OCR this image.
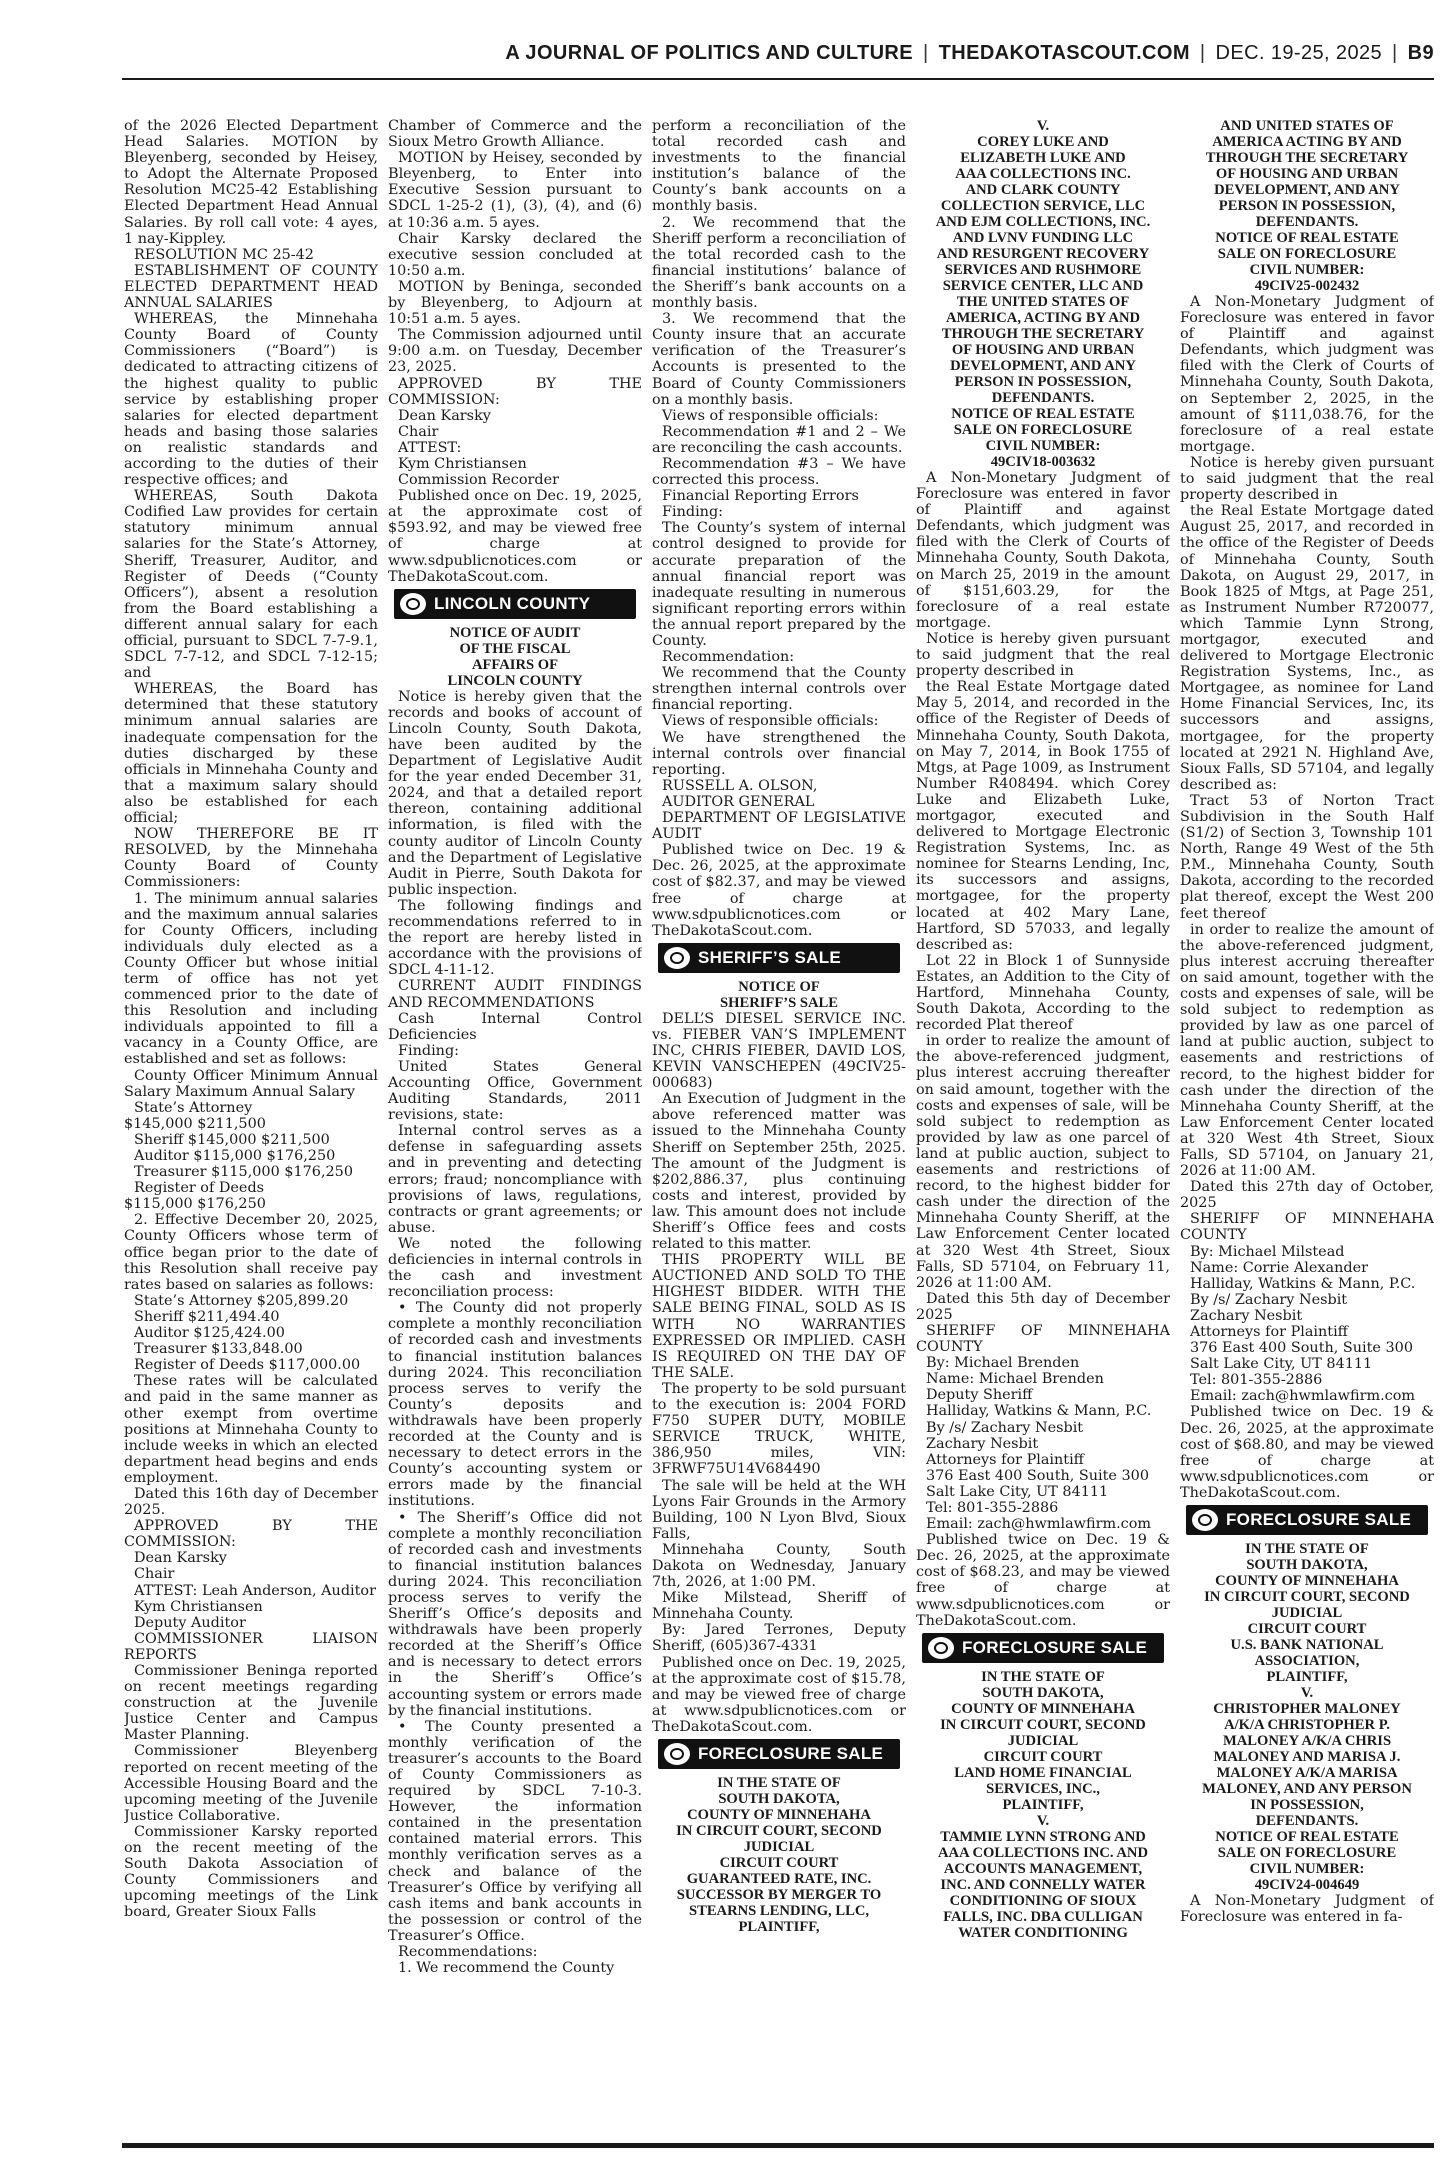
A JOURNAL OF POLITICS AND CULTURE | THEDAKOTASCOUT.COM | DEC. 19-25, 2025 | B9

of the 2026 Elected Department Head Salaries. MOTION by Bleyenberg, seconded by Heisey, to Adopt the Alternate Proposed Resolution MC25-42 Establishing Elected Department Head Annual Salaries. By roll call vote: 4 ayes, 1 nay-Kippley.

RESOLUTION MC 25-42

ESTABLISHMENT OF COUNTY ELECTED DEPARTMENT HEAD ANNUAL SALARIES

WHEREAS, the Minnehaha County Board of County Commissioners (“Board”) is dedicated to attracting citizens of the highest quality to public service by establishing proper salaries for elected department heads and basing those salaries on realistic standards and according to the duties of their respective offices; and

WHEREAS, South Dakota Codified Law provides for certain statutory minimum annual salaries for the State’s Attorney, Sheriff, Treasurer, Auditor, and Register of Deeds (“County Officers”), absent a resolution from the Board establishing a different annual salary for each official, pursuant to SDCL 7-7-9.1, SDCL 7-7-12, and SDCL 7-12-15; and

WHEREAS, the Board has determined that these statutory minimum annual salaries are inadequate compensation for the duties discharged by these officials in Minnehaha County and that a maximum salary should also be established for each official;

NOW THEREFORE BE IT RESOLVED, by the Minnehaha County Board of County Commissioners:

1. The minimum annual salaries and the maximum annual salaries for County Officers, including individuals duly elected as a County Officer but whose initial term of office has not yet commenced prior to the date of this Resolution and including individuals appointed to fill a vacancy in a County Office, are established and set as follows:

County Officer Minimum Annual Salary Maximum Annual Salary

State’s Attorney

$145,000 $211,500

Sheriff $145,000 $211,500

Auditor $115,000 $176,250

Treasurer $115,000 $176,250

Register of Deeds

$115,000 $176,250

2. Effective December 20, 2025, County Officers whose term of office began prior to the date of this Resolution shall receive pay rates based on salaries as follows:

State’s Attorney $205,899.20

Sheriff $211,494.40

Auditor $125,424.00

Treasurer $133,848.00

Register of Deeds $117,000.00

These rates will be calculated and paid in the same manner as other exempt from overtime positions at Minnehaha County to include weeks in which an elected department head begins and ends employment.

Dated this 16th day of December 2025.

APPROVED BY THE COMMISSION:

Dean Karsky

Chair

ATTEST: Leah Anderson, Auditor

Kym Christiansen

Deputy Auditor

COMMISSIONER LIAISON REPORTS

Commissioner Beninga reported on recent meetings regarding construction at the Juvenile Justice Center and Campus Master Planning.

Commissioner Bleyenberg reported on recent meeting of the Accessible Housing Board and the upcoming meeting of the Juvenile Justice Collaborative.

Commissioner Karsky reported on the recent meeting of the South Dakota Association of County Commissioners and upcoming meetings of the Link board, Greater Sioux Falls

Chamber of Commerce and the Sioux Metro Growth Alliance.

MOTION by Heisey, seconded by Bleyenberg, to Enter into Executive Session pursuant to SDCL 1-25-2 (1), (3), (4), and (6) at 10:36 a.m. 5 ayes.

Chair Karsky declared the executive session concluded at 10:50 a.m.

MOTION by Beninga, seconded by Bleyenberg, to Adjourn at 10:51 a.m. 5 ayes.

The Commission adjourned until 9:00 a.m. on Tuesday, December 23, 2025.

APPROVED BY THE COMMISSION:

Dean Karsky

Chair

ATTEST:

Kym Christiansen

Commission Recorder

Published once on Dec. 19, 2025, at the approximate cost of $593.92, and may be viewed free of charge at www.sdpublicnotices.com or TheDakotaScout.com.

LINCOLN COUNTY

NOTICE OF AUDIT

OF THE FISCAL

AFFAIRS OF

LINCOLN COUNTY

Notice is hereby given that the records and books of account of Lincoln County, South Dakota, have been audited by the Department of Legislative Audit for the year ended December 31, 2024, and that a detailed report thereon, containing additional information, is filed with the county auditor of Lincoln County and the Department of Legislative Audit in Pierre, South Dakota for public inspection.

The following findings and recommendations referred to in the report are hereby listed in accordance with the provisions of SDCL 4-11-12.

CURRENT AUDIT FINDINGS AND RECOMMENDATIONS

Cash Internal Control Deficiencies

Finding:

United States General Accounting Office, Government Auditing Standards, 2011 revisions, state:

Internal control serves as a defense in safeguarding assets and in preventing and detecting errors; fraud; noncompliance with provisions of laws, regulations, contracts or grant agreements; or abuse.

We noted the following deficiencies in internal controls in the cash and investment reconciliation process:

• The County did not properly complete a monthly reconciliation of recorded cash and investments to financial institution balances during 2024. This reconciliation process serves to verify the County’s deposits and withdrawals have been properly recorded at the County and is necessary to detect errors in the County’s accounting system or errors made by the financial institutions.

• The Sheriff’s Office did not complete a monthly reconciliation of recorded cash and investments to financial institution balances during 2024. This reconciliation process serves to verify the Sheriff’s Office’s deposits and withdrawals have been properly recorded at the Sheriff’s Office and is necessary to detect errors in the Sheriff’s Office’s accounting system or errors made by the financial institutions.

• The County presented a monthly verification of the treasurer’s accounts to the Board of County Commissioners as required by SDCL 7-10-3. However, the information contained in the presentation contained material errors. This monthly verification serves as a check and balance of the Treasurer’s Office by verifying all cash items and bank accounts in the possession or control of the Treasurer’s Office.

Recommendations:

1. We recommend the County

perform a reconciliation of the total recorded cash and investments to the financial institution’s balance of the County’s bank accounts on a monthly basis.

2. We recommend that the Sheriff perform a reconciliation of the total recorded cash to the financial institutions’ balance of the Sheriff’s bank accounts on a monthly basis.

3. We recommend that the County insure that an accurate verification of the Treasurer’s Accounts is presented to the Board of County Commissioners on a monthly basis.

Views of responsible officials:

Recommendation #1 and 2 – We are reconciling the cash accounts.

Recommendation #3 – We have corrected this process.

Financial Reporting Errors

Finding:

The County’s system of internal control designed to provide for accurate preparation of the annual financial report was inadequate resulting in numerous significant reporting errors within the annual report prepared by the County.

Recommendation:

We recommend that the County strengthen internal controls over financial reporting.

Views of responsible officials:

We have strengthened the internal controls over financial reporting.

RUSSELL A. OLSON,

AUDITOR GENERAL

DEPARTMENT OF LEGISLATIVE AUDIT

Published twice on Dec. 19 & Dec. 26, 2025, at the approximate cost of $82.37, and may be viewed free of charge at www.sdpublicnotices.com or TheDakotaScout.com.

SHERIFF’S SALE

NOTICE OF

SHERIFF’S SALE

DELL’S DIESEL SERVICE INC. vs. FIEBER VAN’S IMPLEMENT INC, CHRIS FIEBER, DAVID LOS, KEVIN VANSCHEPEN (49CIV25-000683)

An Execution of Judgment in the above referenced matter was issued to the Minnehaha County Sheriff on September 25th, 2025. The amount of the Judgment is $202,886.37, plus continuing costs and interest, provided by law. This amount does not include Sheriff’s Office fees and costs related to this matter.

THIS PROPERTY WILL BE AUCTIONED AND SOLD TO THE HIGHEST BIDDER. WITH THE SALE BEING FINAL, SOLD AS IS WITH NO WARRANTIES EXPRESSED OR IMPLIED. CASH IS REQUIRED ON THE DAY OF THE SALE.

The property to be sold pursuant to the execution is: 2004 FORD F750 SUPER DUTY, MOBILE SERVICE TRUCK, WHITE, 386,950 miles, VIN: 3FRWF75U14V684490

The sale will be held at the WH Lyons Fair Grounds in the Armory Building, 100 N Lyon Blvd, Sioux Falls,

Minnehaha County, South Dakota on Wednesday, January 7th, 2026, at 1:00 PM.

Mike Milstead, Sheriff of Minnehaha County.

By: Jared Terrones, Deputy Sheriff, (605)367-4331

Published once on Dec. 19, 2025, at the approximate cost of $15.78, and may be viewed free of charge at www.sdpublicnotices.com or TheDakotaScout.com.

FORECLOSURE SALE

IN THE STATE OF

SOUTH DAKOTA,

COUNTY OF MINNEHAHA

IN CIRCUIT COURT, SECOND

JUDICIAL

CIRCUIT COURT

GUARANTEED RATE, INC.

SUCCESSOR BY MERGER TO

STEARNS LENDING, LLC,

PLAINTIFF,

V.

COREY LUKE AND

ELIZABETH LUKE AND

AAA COLLECTIONS INC.

AND CLARK COUNTY

COLLECTION SERVICE, LLC

AND EJM COLLECTIONS, INC.

AND LVNV FUNDING LLC

AND RESURGENT RECOVERY

SERVICES AND RUSHMORE

SERVICE CENTER, LLC AND

THE UNITED STATES OF

AMERICA, ACTING BY AND

THROUGH THE SECRETARY

OF HOUSING AND URBAN

DEVELOPMENT, AND ANY

PERSON IN POSSESSION,

DEFENDANTS.

NOTICE OF REAL ESTATE

SALE ON FORECLOSURE

CIVIL NUMBER:

49CIV18-003632

A Non-Monetary Judgment of Foreclosure was entered in favor of Plaintiff and against Defendants, which judgment was filed with the Clerk of Courts of Minnehaha County, South Dakota, on March 25, 2019 in the amount of $151,603.29, for the foreclosure of a real estate mortgage.

Notice is hereby given pursuant to said judgment that the real property described in

the Real Estate Mortgage dated May 5, 2014, and recorded in the office of the Register of Deeds of Minnehaha County, South Dakota, on May 7, 2014, in Book 1755 of Mtgs, at Page 1009, as Instrument Number R408494. which Corey Luke and Elizabeth Luke, mortgagor, executed and delivered to Mortgage Electronic Registration Systems, Inc. as nominee for Stearns Lending, Inc, its successors and assigns, mortgagee, for the property located at 402 Mary Lane, Hartford, SD 57033, and legally described as:

Lot 22 in Block 1 of Sunnyside Estates, an Addition to the City of Hartford, Minnehaha County, South Dakota, According to the recorded Plat thereof

in order to realize the amount of the above-referenced judgment, plus interest accruing thereafter on said amount, together with the costs and expenses of sale, will be sold subject to redemption as provided by law as one parcel of land at public auction, subject to easements and restrictions of record, to the highest bidder for cash under the direction of the Minnehaha County Sheriff, at the Law Enforcement Center located at 320 West 4th Street, Sioux Falls, SD 57104, on February 11, 2026 at 11:00 AM.

Dated this 5th day of December 2025

SHERIFF OF MINNEHAHA COUNTY

By: Michael Brenden

Name: Michael Brenden

Deputy Sheriff

Halliday, Watkins & Mann, P.C.

By /s/ Zachary Nesbit

Zachary Nesbit

Attorneys for Plaintiff

376 East 400 South, Suite 300

Salt Lake City, UT 84111

Tel: 801-355-2886

Email: zach@hwmlawfirm.com

Published twice on Dec. 19 & Dec. 26, 2025, at the approximate cost of $68.23, and may be viewed free of charge at www.sdpublicnotices.com or TheDakotaScout.com.

FORECLOSURE SALE

IN THE STATE OF

SOUTH DAKOTA,

COUNTY OF MINNEHAHA

IN CIRCUIT COURT, SECOND

JUDICIAL

CIRCUIT COURT

LAND HOME FINANCIAL

SERVICES, INC.,

PLAINTIFF,

V.

TAMMIE LYNN STRONG AND

AAA COLLECTIONS INC. AND

ACCOUNTS MANAGEMENT,

INC. AND CONNELLY WATER

CONDITIONING OF SIOUX

FALLS, INC. DBA CULLIGAN

WATER CONDITIONING

AND UNITED STATES OF

AMERICA ACTING BY AND

THROUGH THE SECRETARY

OF HOUSING AND URBAN

DEVELOPMENT, AND ANY

PERSON IN POSSESSION,

DEFENDANTS.

NOTICE OF REAL ESTATE

SALE ON FORECLOSURE

CIVIL NUMBER:

49CIV25-002432

A Non-Monetary Judgment of Foreclosure was entered in favor of Plaintiff and against Defendants, which judgment was filed with the Clerk of Courts of Minnehaha County, South Dakota, on September 2, 2025, in the amount of $111,038.76, for the foreclosure of a real estate mortgage.

Notice is hereby given pursuant to said judgment that the real property described in

the Real Estate Mortgage dated August 25, 2017, and recorded in the office of the Register of Deeds of Minnehaha County, South Dakota, on August 29, 2017, in Book 1825 of Mtgs, at Page 251, as Instrument Number R720077, which Tammie Lynn Strong, mortgagor, executed and delivered to Mortgage Electronic Registration Systems, Inc., as Mortgagee, as nominee for Land Home Financial Services, Inc, its successors and assigns, mortgagee, for the property located at 2921 N. Highland Ave, Sioux Falls, SD 57104, and legally described as:

Tract 53 of Norton Tract Subdivision in the South Half (S1/2) of Section 3, Township 101 North, Range 49 West of the 5th P.M., Minnehaha County, South Dakota, according to the recorded plat thereof, except the West 200 feet thereof

in order to realize the amount of the above-referenced judgment, plus interest accruing thereafter on said amount, together with the costs and expenses of sale, will be sold subject to redemption as provided by law as one parcel of land at public auction, subject to easements and restrictions of record, to the highest bidder for cash under the direction of the Minnehaha County Sheriff, at the Law Enforcement Center located at 320 West 4th Street, Sioux Falls, SD 57104, on January 21, 2026 at 11:00 AM.

Dated this 27th day of October, 2025

SHERIFF OF MINNEHAHA COUNTY

By: Michael Milstead

Name: Corrie Alexander

Halliday, Watkins & Mann, P.C.

By /s/ Zachary Nesbit

Zachary Nesbit

Attorneys for Plaintiff

376 East 400 South, Suite 300

Salt Lake City, UT 84111

Tel: 801-355-2886

Email: zach@hwmlawfirm.com

Published twice on Dec. 19 & Dec. 26, 2025, at the approximate cost of $68.80, and may be viewed free of charge at www.sdpublicnotices.com or TheDakotaScout.com.

FORECLOSURE SALE

IN THE STATE OF

SOUTH DAKOTA,

COUNTY OF MINNEHAHA

IN CIRCUIT COURT, SECOND

JUDICIAL

CIRCUIT COURT

U.S. BANK NATIONAL

ASSOCIATION,

PLAINTIFF,

V.

CHRISTOPHER MALONEY

A/K/A CHRISTOPHER P.

MALONEY A/K/A CHRIS

MALONEY AND MARISA J.

MALONEY A/K/A MARISA

MALONEY, AND ANY PERSON

IN POSSESSION,

DEFENDANTS.

NOTICE OF REAL ESTATE

SALE ON FORECLOSURE

CIVIL NUMBER:

49CIV24-004649

A Non-Monetary Judgment of Foreclosure was entered in fa-
